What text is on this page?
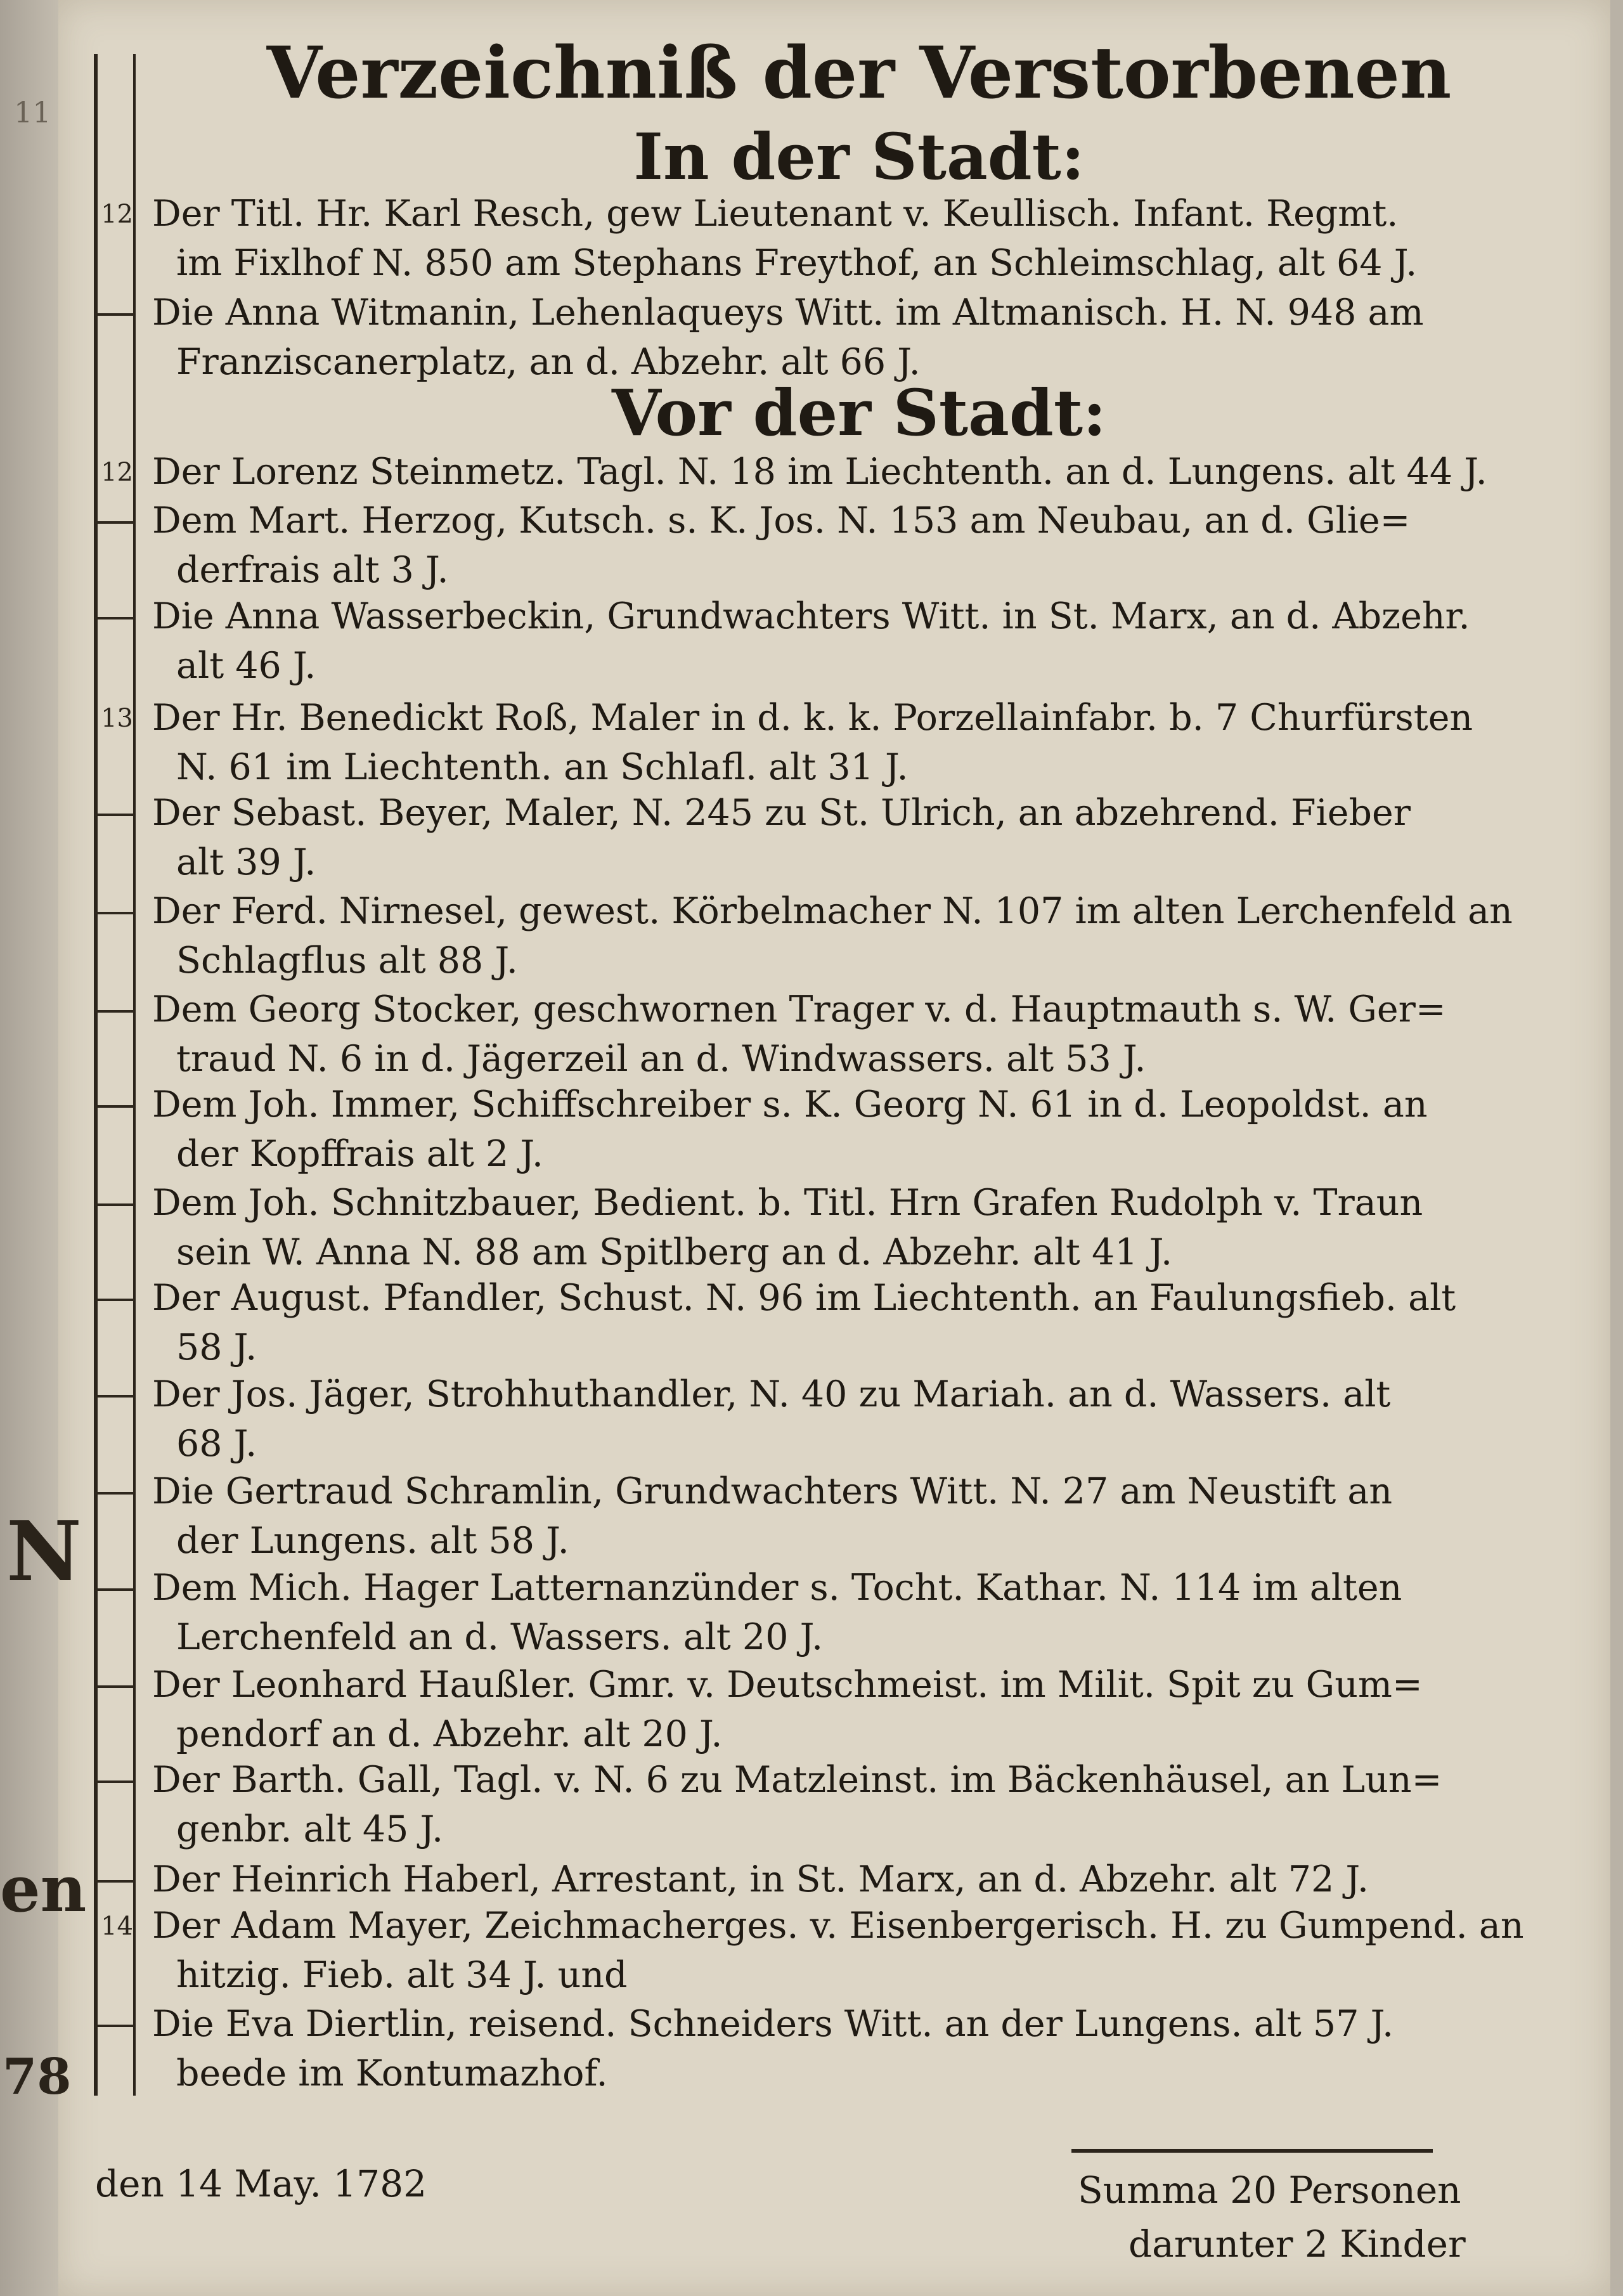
11
N
en
78
Verzeichniß der Verstorbenen
In der Stadt:
12 Der Titl. Hr. Karl Resch, gew Lieutenant v. Keullisch. Infant. Regmt.
im Fixlhof N. 850 am Stephans Freythof, an Schleimschlag, alt 64 J.
Die Anna Witmanin, Lehenlaqueys Witt. im Altmanisch. H. N. 948 am
Franziscanerplatz, an d. Abzehr. alt 66 J.
Vor der Stadt:
12 Der Lorenz Steinmetz. Tagl. N. 18 im Liechtenth. an d. Lungens. alt 44 J.
Dem Mart. Herzog, Kutsch. s. K. Jos. N. 153 am Neubau, an d. Glie=
derfrais alt 3 J.
Die Anna Wasserbeckin, Grundwachters Witt. in St. Marx, an d. Abzehr.
alt 46 J.
13 Der Hr. Benedickt Roß, Maler in d. k. k. Porzellainfabr. b. 7 Churfürsten
N. 61 im Liechtenth. an Schlafl. alt 31 J.
Der Sebast. Beyer, Maler, N. 245 zu St. Ulrich, an abzehrend. Fieber
alt 39 J.
Der Ferd. Nirnesel, gewest. Körbelmacher N. 107 im alten Lerchenfeld an
Schlagflus alt 88 J.
Dem Georg Stocker, geschwornen Trager v. d. Hauptmauth s. W. Ger=
traud N. 6 in d. Jägerzeil an d. Windwassers. alt 53 J.
Dem Joh. Immer, Schiffschreiber s. K. Georg N. 61 in d. Leopoldst. an
der Kopffrais alt 2 J.
Dem Joh. Schnitzbauer, Bedient. b. Titl. Hrn Grafen Rudolph v. Traun
sein W. Anna N. 88 am Spitlberg an d. Abzehr. alt 41 J.
Der August. Pfandler, Schust. N. 96 im Liechtenth. an Faulungsfieb. alt
58 J.
Der Jos. Jäger, Strohhuthandler, N. 40 zu Mariah. an d. Wassers. alt
68 J.
Die Gertraud Schramlin, Grundwachters Witt. N. 27 am Neustift an
der Lungens. alt 58 J.
Dem Mich. Hager Latternanzünder s. Tocht. Kathar. N. 114 im alten
Lerchenfeld an d. Wassers. alt 20 J.
Der Leonhard Haußler. Gmr. v. Deutschmeist. im Milit. Spit zu Gum=
pendorf an d. Abzehr. alt 20 J.
Der Barth. Gall, Tagl. v. N. 6 zu Matzleinst. im Bäckenhäusel, an Lun=
genbr. alt 45 J.
Der Heinrich Haberl, Arrestant, in St. Marx, an d. Abzehr. alt 72 J.
14 Der Adam Mayer, Zeichmacherges. v. Eisenbergerisch. H. zu Gumpend. an
hitzig. Fieb. alt 34 J. und
Die Eva Diertlin, reisend. Schneiders Witt. an der Lungens. alt 57 J.
beede im Kontumazhof.
den 14 May. 1782	Summa 20 Personen
darunter 2 Kinder
